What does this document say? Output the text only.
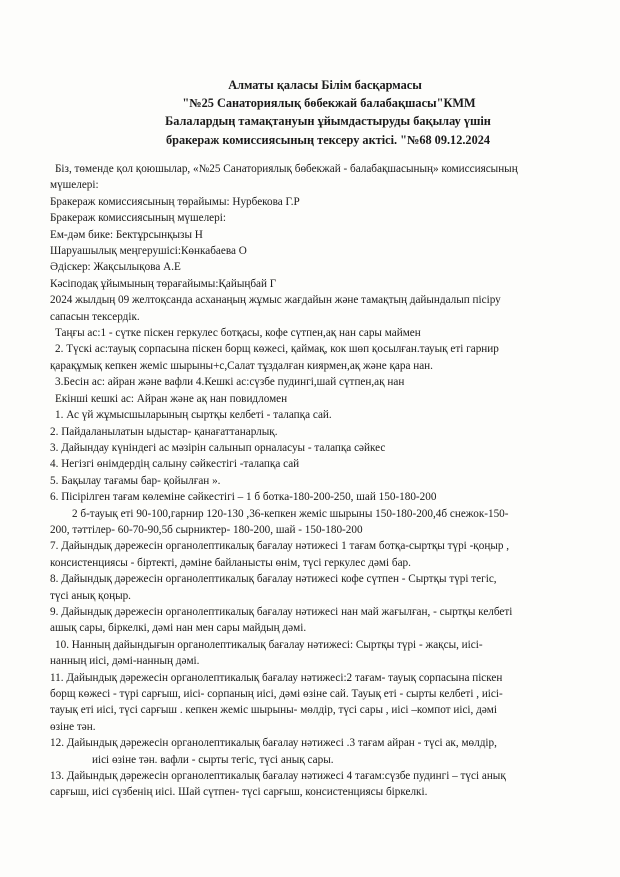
Алматы қаласы Білім басқармасы
"№25 Санаториялық бөбекжай балабақшасы"КММ
Балалардың тамақтануын ұйымдастыруды бақылау үшін
бракераж комиссиясының тексеру актісі. "№68 09.12.2024

Біз, төменде қол қоюшылар, «№25 Санаториялық бөбекжай - балабақшасының» комиссиясының

мүшелері:

Бракераж комиссиясының төрайымы: Нурбекова Г.Р

Бракераж комиссиясының мүшелері:

Ем-дәм бике: Бектұрсынқызы Н

Шаруашылық меңгерушісі:Көнкабаева О

Әдіскер: Жақсылықова А.Е

Кәсіподақ ұйымының төрағайымы:Қайыңбай Г

2024 жылдың 09 желтоқсанда асханаңың жұмыс жағдайын және тамақтың дайындалып пісіру

сапасын тексердік.

Таңғы ас:1 - сүтке піскен геркулес ботқасы, кофе сүтпен,ақ нан сары маймен

2. Түскі ас:тауық сорпасына піскен борщ көжесі, қаймақ, кок шөп қосылған.тауық еті гарнир

қарақұмық кепкен жеміс шырыны+с,Салат тұздалған киярмен,ақ және қара нан.

3.Бесін ас: айран және вафли 4.Кешкі ас:сүзбе пудингі,шай сүтпен,ақ нан

Екінші кешкі ас: Айран және ақ нан повидломен

1. Ас үй жұмысшыларының сыртқы келбеті - талапқа сай.

2. Пайдаланылатын ыдыстар- қанағаттанарлық.

3. Дайындау күніндегі ас мәзірін салынып орналасуы - талапқа сәйкес

4. Негізгі өнімдердің салыну сәйкестігі -талапқа сай

5. Бақылау тағамы бар- қойылған ».

6. Пісірілген тағам көлеміне сәйкестігі – 1 б ботка-180-200-250, шай 150-180-200

2 б-тауық еті 90-100,гарнир 120-130 ,36-кепкен жеміс шырыны 150-180-200,4б снежок-150-

200, тәттілер- 60-70-90,5б сырниктер- 180-200, шай - 150-180-200

7. Дайындық дәрежесін органолептикалық бағалау нәтижесі 1 тағам ботқа-сыртқы түрі -қоңыр ,

консистенциясы - біртекті, дәміне байланысты өнім, түсі геркулес дәмі бар.

8. Дайындық дәрежесін органолептикалық бағалау нәтижесі кофе сүтпен - Сыртқы түрі тегіс,

түсі анық қоңыр.

9. Дайындық дәрежесін органолептикалық бағалау нәтижесі нан май жағылған, - сыртқы келбеті

ашық сары, біркелкі, дәмі нан мен сары майдың дәмі.

10. Нанның дайындығын органолептикалық бағалау нәтижесі: Сыртқы түрі - жақсы, иісі-

нанның иісі, дәмі-нанның дәмі.

11. Дайындық дәрежесін органолептикалық бағалау нәтижесі:2 тағам- тауық сорпасына піскен

борщ көжесі - түрі сарғыш, иісі- сорпаның иісі, дәмі өзіне сай. Тауық еті - сырты келбеті , иісі-

тауық еті иісі, түсі сарғыш . кепкен жеміс шырыны- мөлдір, түсі сары , иісі –компот иісі, дәмі

өзіне тән.

12. Дайындық дәрежесін органолептикалық бағалау нәтижесі .3 тағам айран - түсі ак, мөлдір,

иісі өзіне тән. вафли - сырты тегіс, түсі анық сары.

13. Дайындық дәрежесін органолептикалық бағалау нәтижесі 4 тағам:сүзбе пудингі – түсі анық

сарғыш, иісі сүзбенің иісі. Шай сүтпен- түсі сарғыш, консистенциясы біркелкі.
